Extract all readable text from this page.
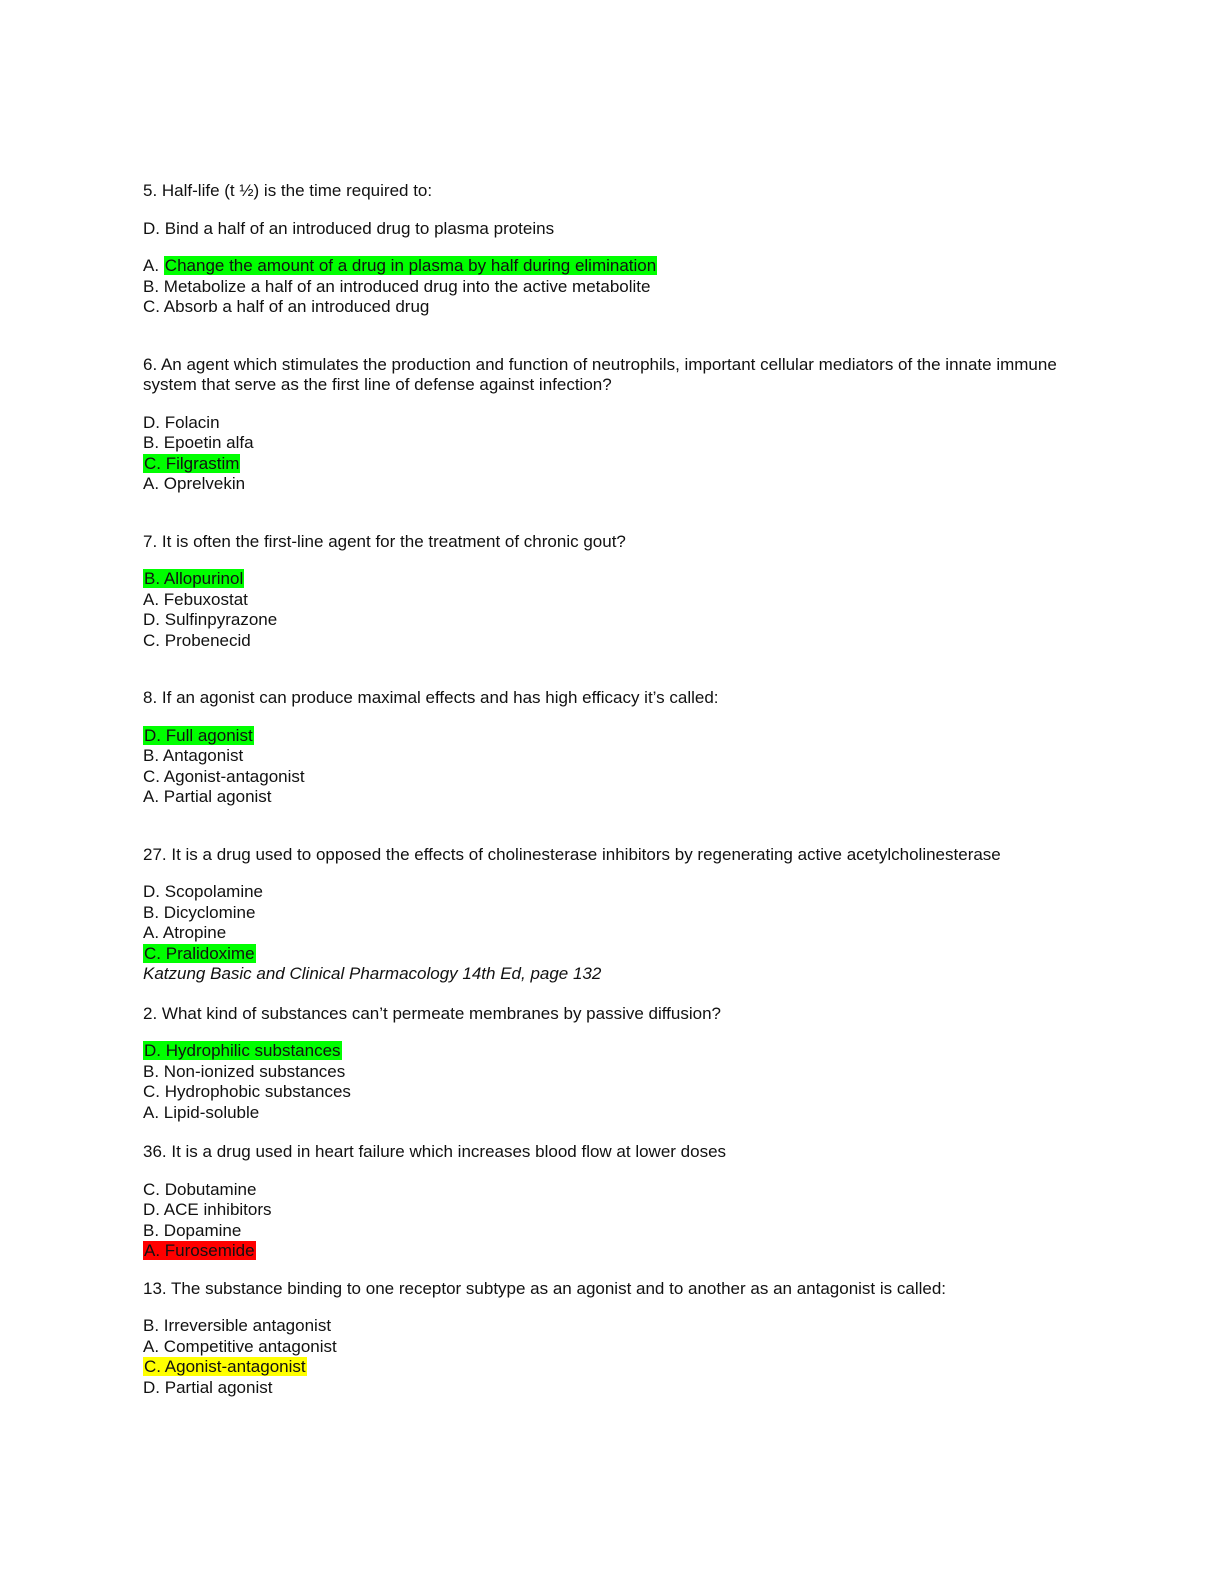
5. Half-life (t ½) is the time required to:
D. Bind a half of an introduced drug to plasma proteins
A. Change the amount of a drug in plasma by half during elimination
B. Metabolize a half of an introduced drug into the active metabolite
C. Absorb a half of an introduced drug
6. An agent which stimulates the production and function of neutrophils, important cellular mediators of the innate immune system that serve as the first line of defense against infection?
D. Folacin
B. Epoetin alfa
C. Filgrastim
A. Oprelvekin
7. It is often the first-line agent for the treatment of chronic gout?
B. Allopurinol
A. Febuxostat
D. Sulfinpyrazone
C. Probenecid
8. If an agonist can produce maximal effects and has high efficacy it’s called:
D. Full agonist
B. Antagonist
C. Agonist-antagonist
A. Partial agonist
27. It is a drug used to opposed the effects of cholinesterase inhibitors by regenerating active acetylcholinesterase
D. Scopolamine
B. Dicyclomine
A. Atropine
C. Pralidoxime
Katzung Basic and Clinical Pharmacology 14th Ed, page 132
2. What kind of substances can’t permeate membranes by passive diffusion?
D. Hydrophilic substances
B. Non-ionized substances
C. Hydrophobic substances
A. Lipid-soluble
36. It is a drug used in heart failure which increases blood flow at lower doses
C. Dobutamine
D. ACE inhibitors
B. Dopamine
A. Furosemide
13. The substance binding to one receptor subtype as an agonist and to another as an antagonist is called:
B. Irreversible antagonist
A. Competitive antagonist
C. Agonist-antagonist
D. Partial agonist
